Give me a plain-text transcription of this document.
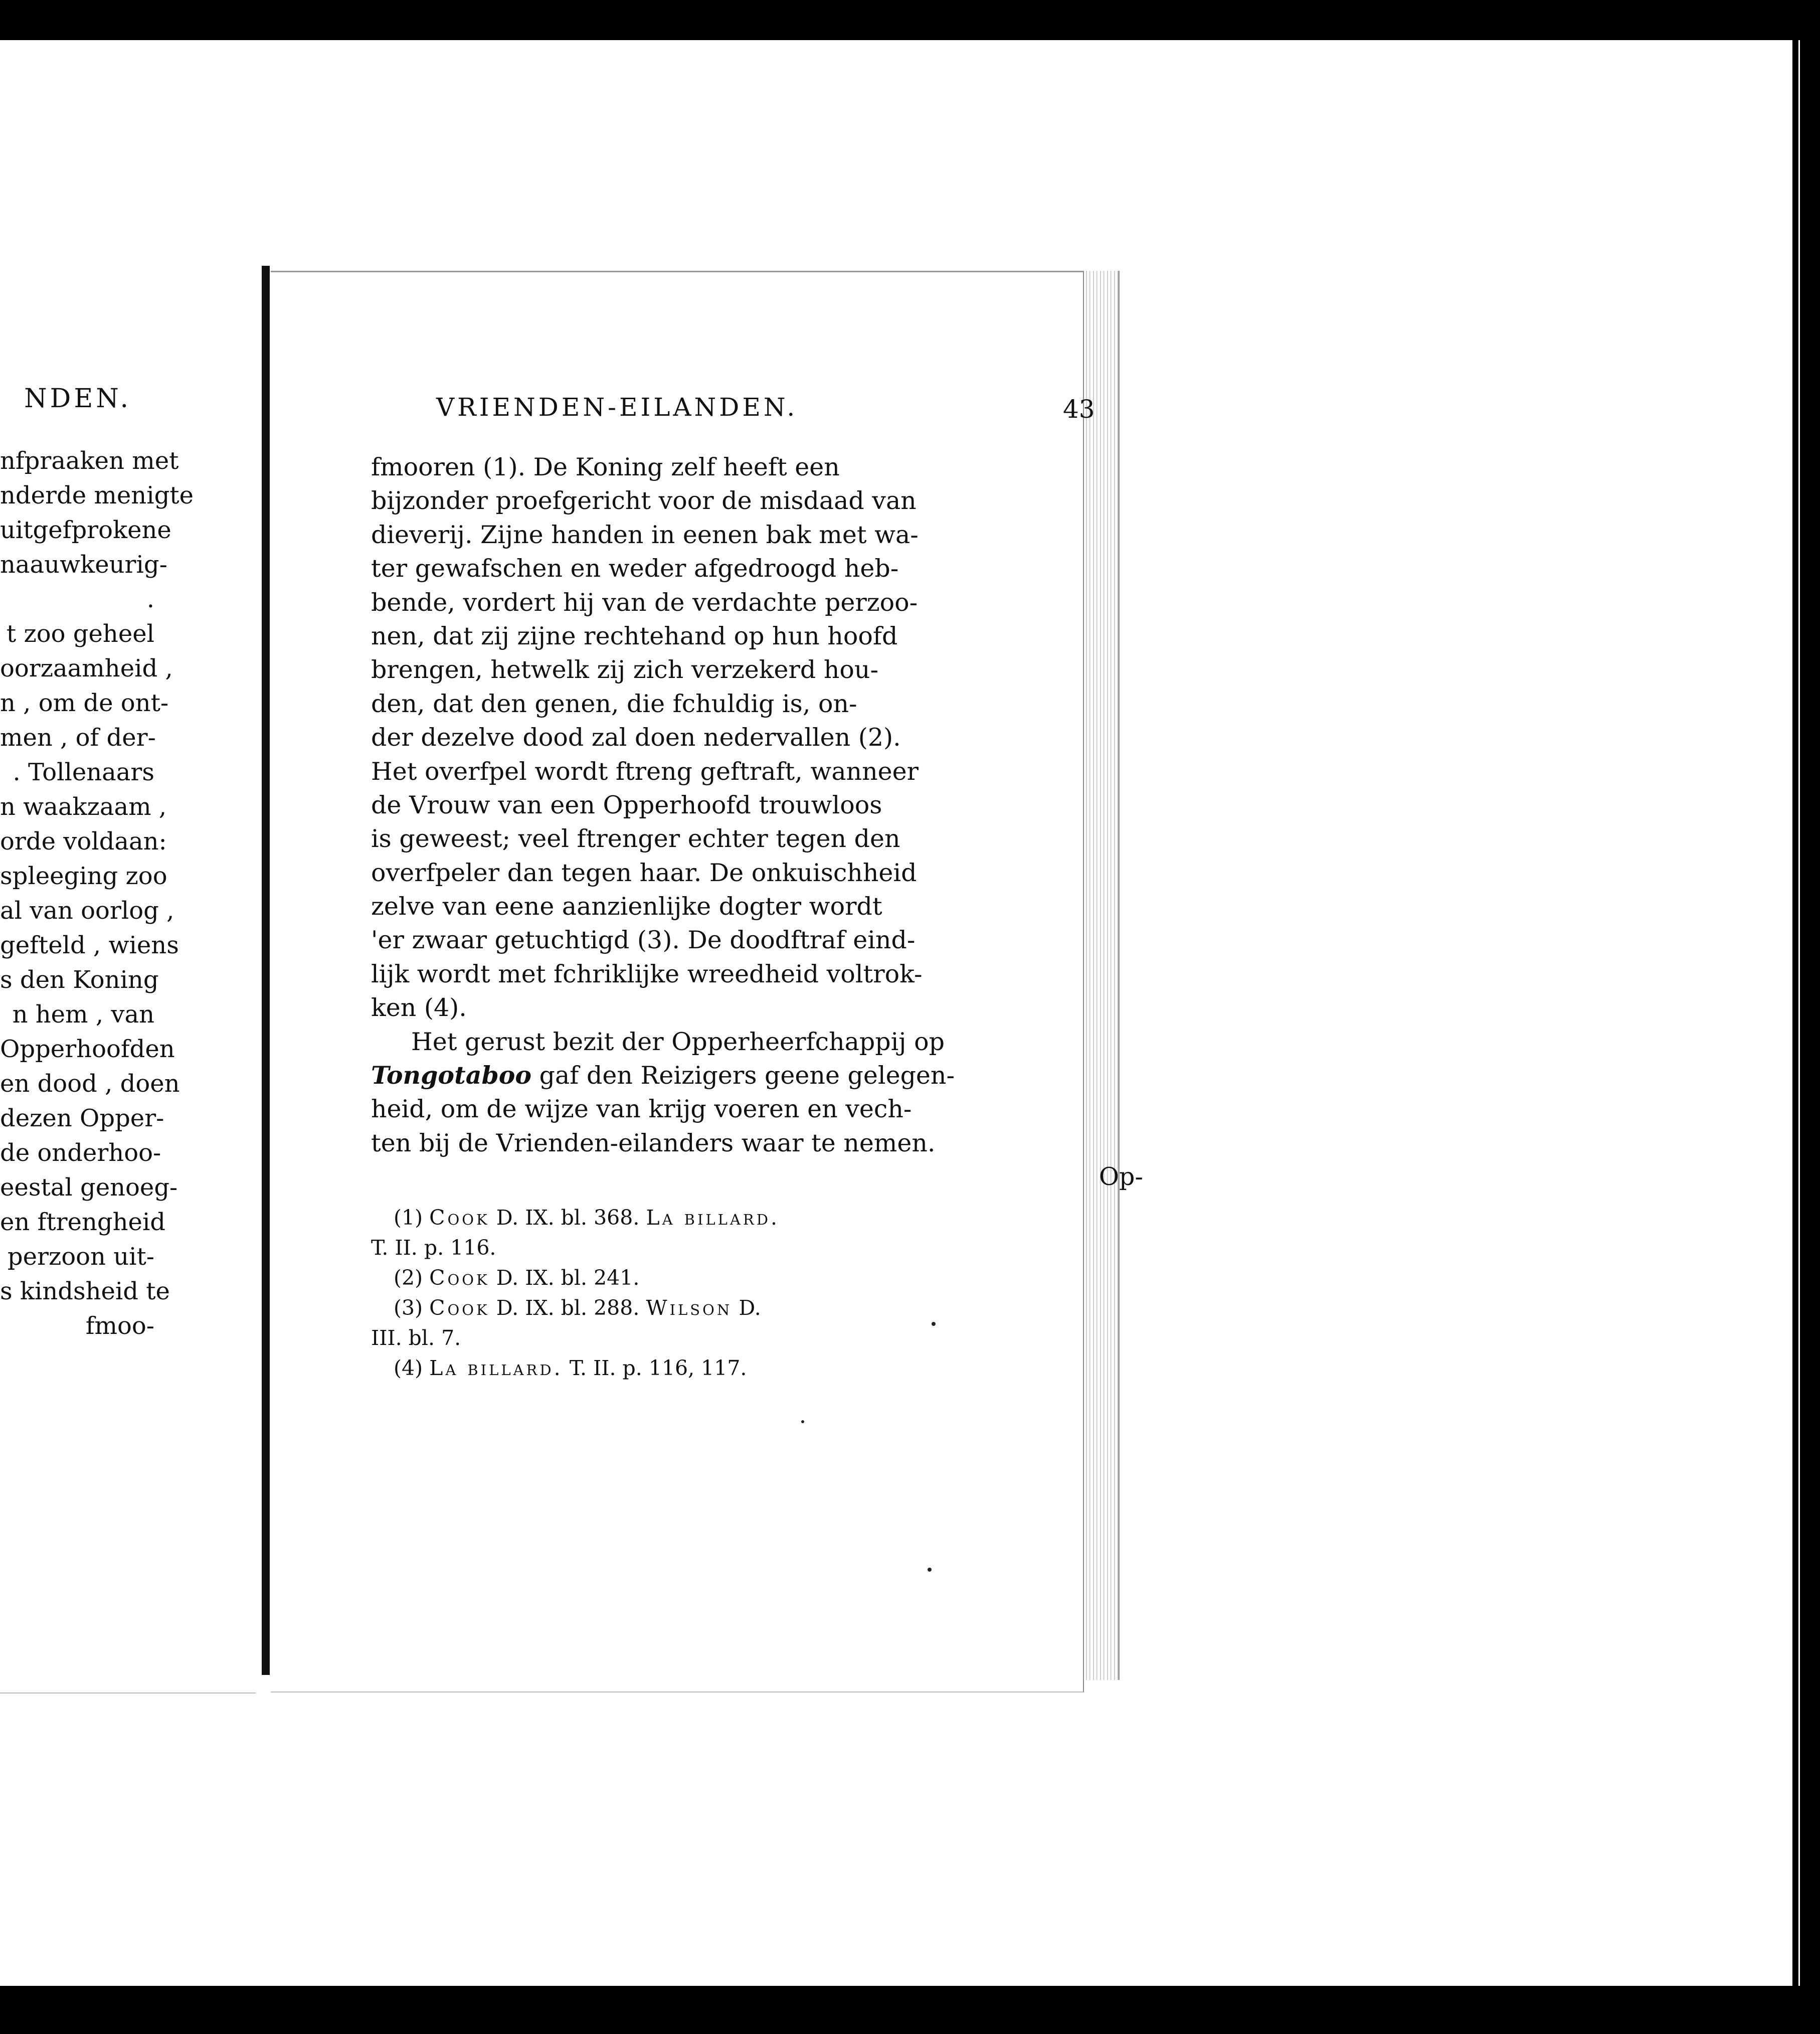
NDEN.
nfpraaken met
nderde menigte
uitgefprokene
naauwkeurig-
.
t zoo geheel
oorzaamheid ,
n , om de ont-
men , of der-
. Tollenaars
n waakzaam ,
orde voldaan:
spleeging zoo
al van oorlog ,
gefteld , wiens
s den Koning
n hem , van
Opperhoofden
en dood , doen
dezen Opper-
de onderhoo-
eestal genoeg-
en ftrengheid
perzoon uit-
s kindsheid te
fmoo-
VRIENDEN-EILANDEN.	43
fmooren (1). De Koning zelf heeft een
bijzonder proefgericht voor de misdaad van
dieverij. Zijne handen in eenen bak met wa-
ter gewafschen en weder afgedroogd heb-
bende, vordert hij van de verdachte perzoo-
nen, dat zij zijne rechtehand op hun hoofd
brengen, hetwelk zij zich verzekerd hou-
den, dat den genen, die fchuldig is, on-
der dezelve dood zal doen nedervallen (2).
Het overfpel wordt ftreng geftraft, wanneer
de Vrouw van een Opperhoofd trouwloos
is geweest; veel ftrenger echter tegen den
overfpeler dan tegen haar. De onkuischheid
zelve van eene aanzienlijke dogter wordt
'er zwaar getuchtigd (3). De doodftraf eind-
lijk wordt met fchriklijke wreedheid voltrok-
ken (4).
Het gerust bezit der Opperheerfchappij op
Tongotaboo gaf den Reizigers geene gelegen-
heid, om de wijze van krijg voeren en vech-
ten bij de Vrienden-eilanders waar te nemen.
Op-
(1) Cook D. IX. bl. 368. La billard.
T. II. p. 116.
(2) Cook D. IX. bl. 241.
(3) Cook D. IX. bl. 288. Wilson D.
III. bl. 7.
(4) La billard. T. II. p. 116, 117.
